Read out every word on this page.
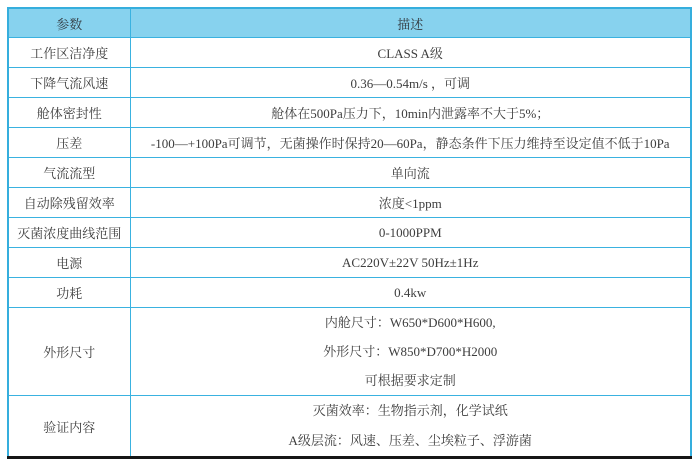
参数	描述
工作区洁净度	CLASS A级
下降气流风速	0.36—0.54m/s ，可调
舱体密封性	舱体在500Pa压力下，10min内泄露率不大于5%；
压差	-100—+100Pa可调节，无菌操作时保持20—60Pa，静态条件下压力维持至设定值不低于10Pa
气流流型	单向流
自动除残留效率	浓度<1ppm
灭菌浓度曲线范围	0-1000PPM
电源	AC220V±22V 50Hz±1Hz
功耗	0.4kw
外形尺寸	内舱尺寸：W650*D600*H600,
外形尺寸：W850*D700*H2000
可根据要求定制

验证内容	灭菌效率：生物指示剂，化学试纸
A级层流：风速、压差、尘埃粒子、浮游菌
